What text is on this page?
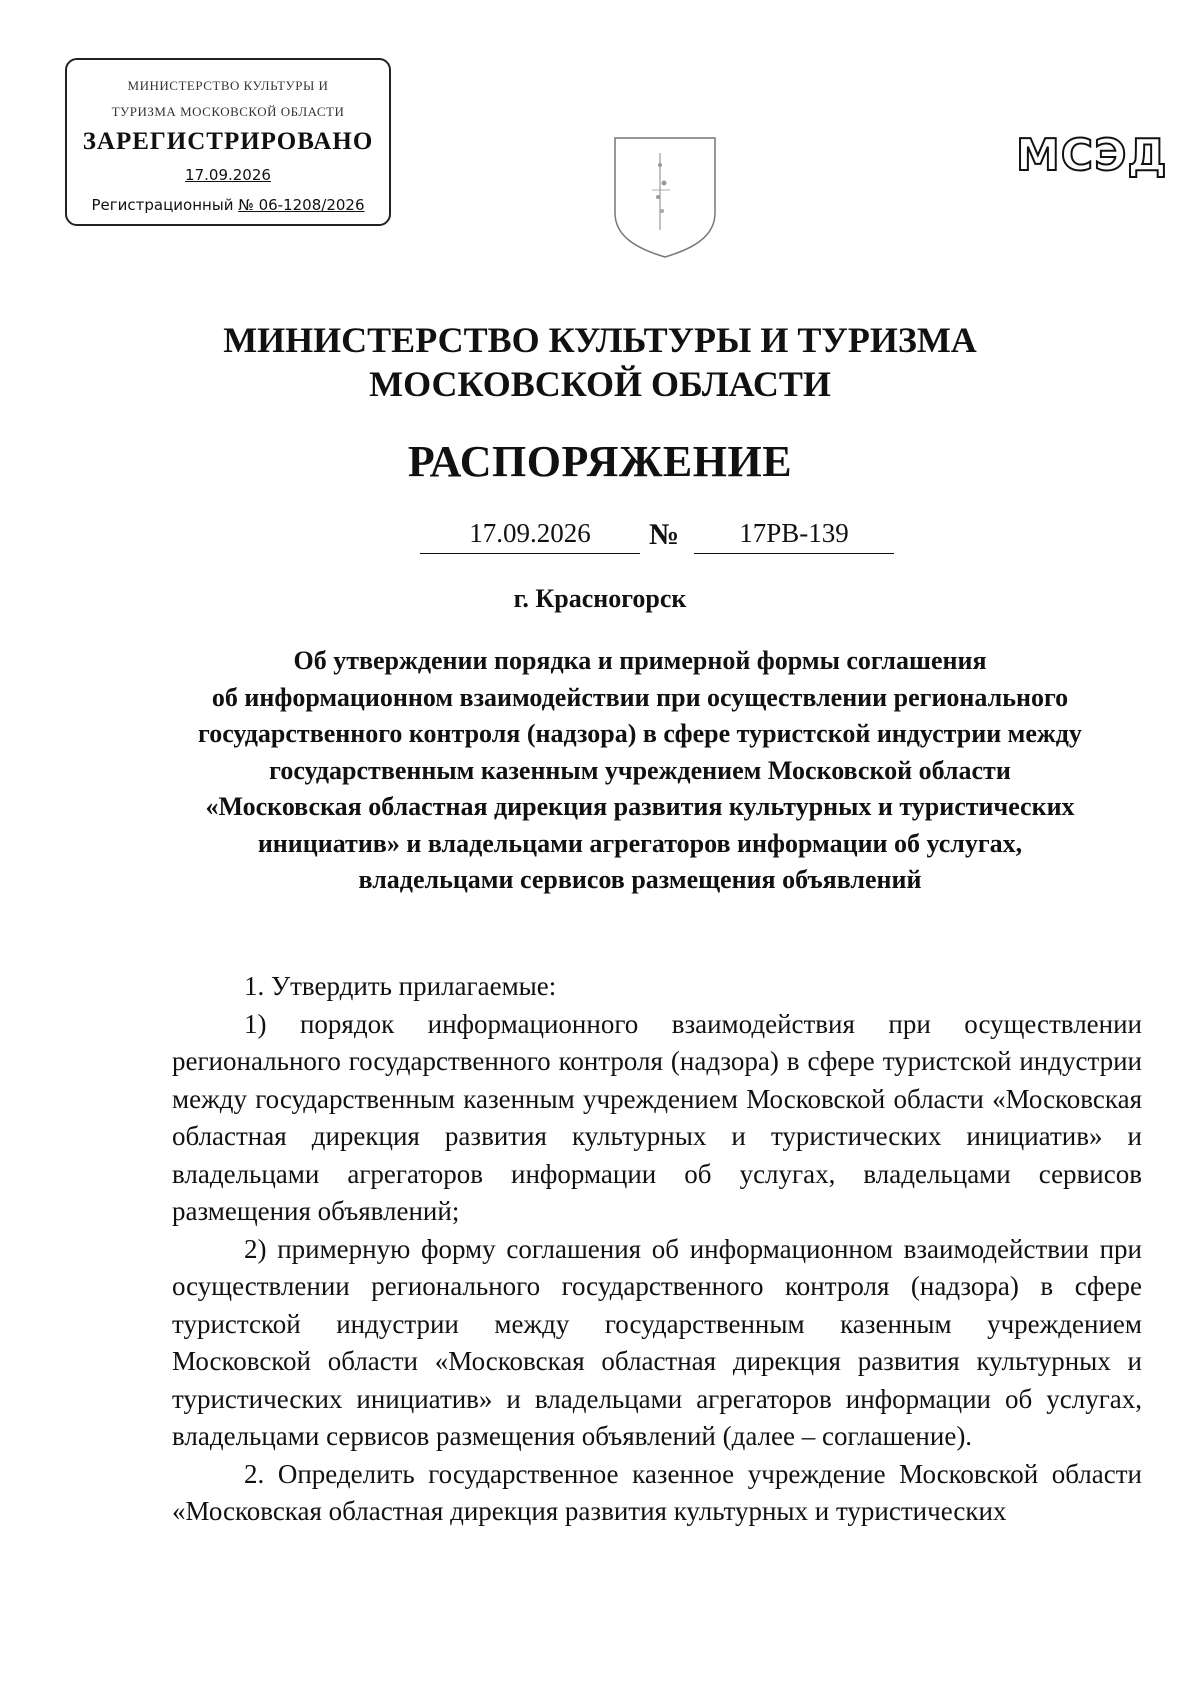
МИНИСТЕРСТВО КУЛЬТУРЫ И
ТУРИЗМА МОСКОВСКОЙ ОБЛАСТИ
ЗАРЕГИСТРИРОВАНО
17.09.2026
Регистрационный № 06-1208/2026
МСЭД
МИНИСТЕРСТВО КУЛЬТУРЫ И ТУРИЗМА
МОСКОВСКОЙ ОБЛАСТИ
РАСПОРЯЖЕНИЕ
17.09.2026	№	17РВ-139
г. Красногорск
Об утверждении порядка и примерной формы соглашения
об информационном взаимодействии при осуществлении регионального
государственного контроля (надзора) в сфере туристской индустрии между
государственным казенным учреждением Московской области
«Московская областная дирекция развития культурных и туристических
инициатив» и владельцами агрегаторов информации об услугах,
владельцами сервисов размещения объявлений

1. Утвердить прилагаемые:

1) порядок информационного взаимодействия при осуществлении регионального государственного контроля (надзора) в сфере туристской индустрии между государственным казенным учреждением Московской области «Московская областная дирекция развития культурных и туристических инициатив» и владельцами агрегаторов информации об услугах, владельцами сервисов размещения объявлений;

2) примерную форму соглашения об информационном взаимодействии при осуществлении регионального государственного контроля (надзора) в сфере туристской индустрии между государственным казенным учреждением Московской области «Московская областная дирекция развития культурных и туристических инициатив» и владельцами агрегаторов информации об услугах, владельцами сервисов размещения объявлений (далее – соглашение).

2. Определить государственное казенное учреждение Московской области «Московская областная дирекция развития культурных и туристических
